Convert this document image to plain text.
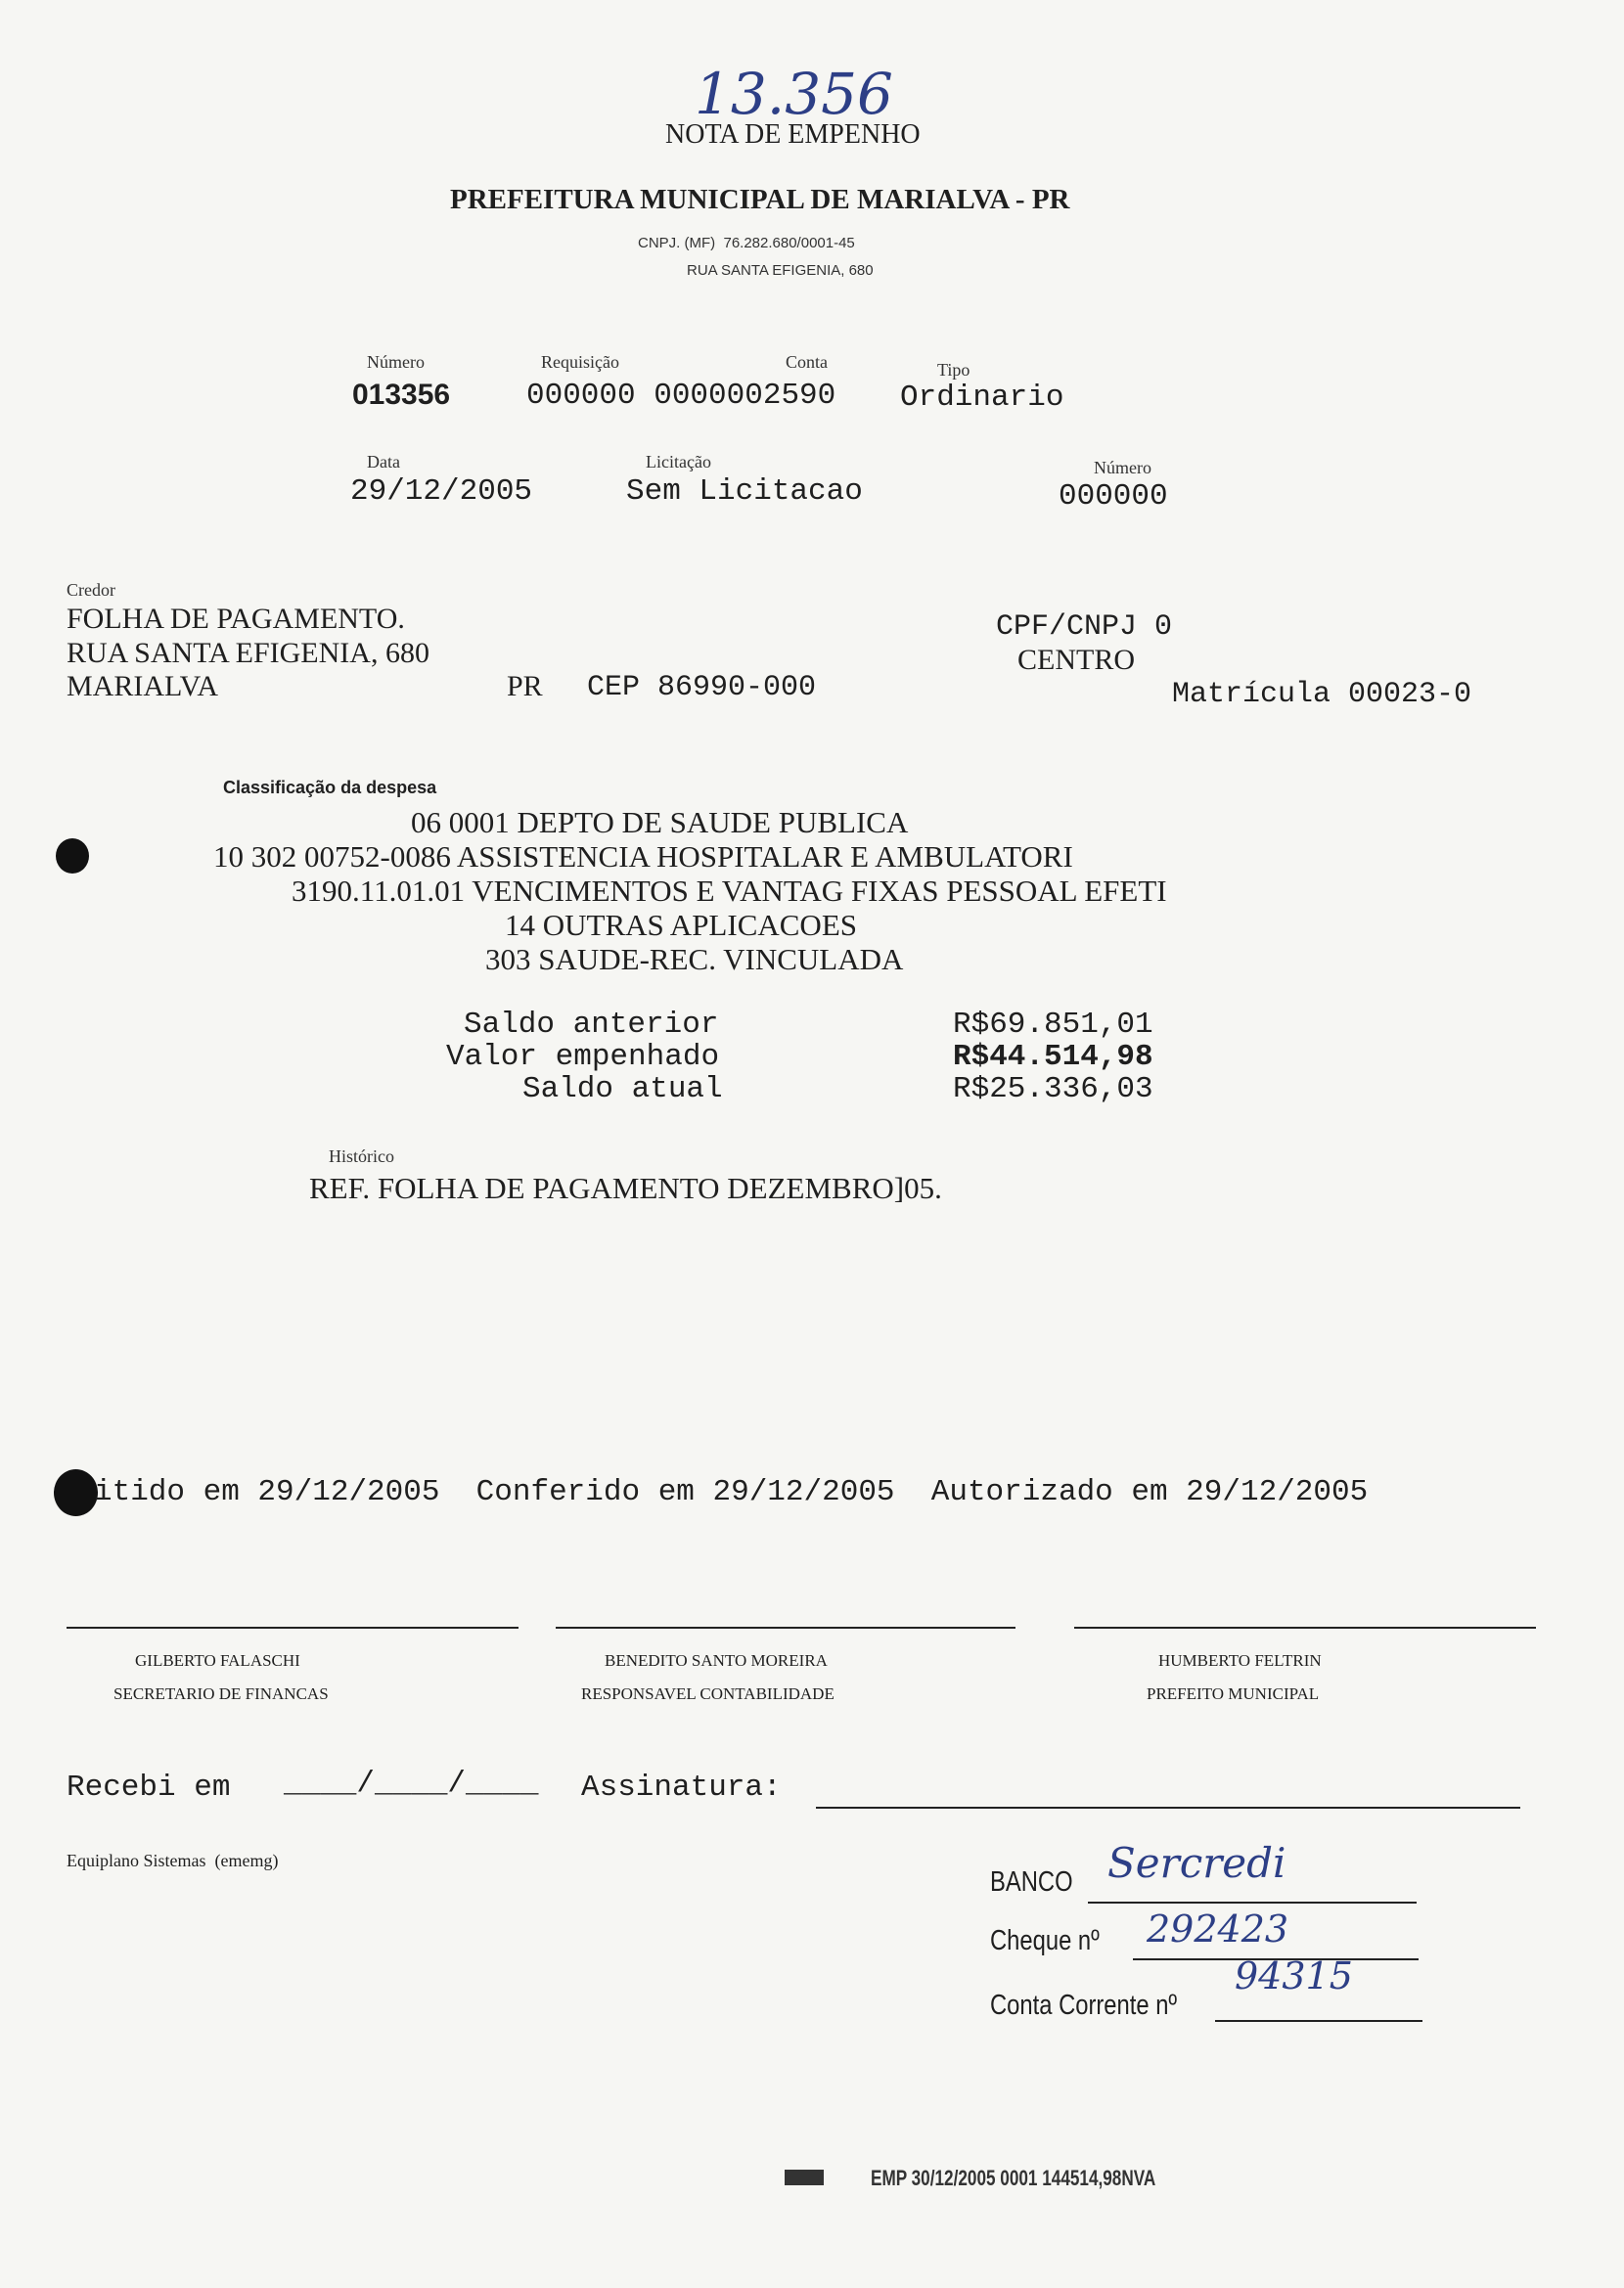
13.356
NOTA DE EMPENHO
PREFEITURA MUNICIPAL DE MARIALVA - PR
CNPJ. (MF)  76.282.680/0001-45
RUA SANTA EFIGENIA, 680
Número
013356
Requisição	Conta
000000 0000002590
Tipo
Ordinario
Data
29/12/2005
Licitação
Sem Licitacao
Número
000000
Credor
FOLHA DE PAGAMENTO.
RUA SANTA EFIGENIA, 680
MARIALVA	PR CEP 86990-000
CPF/CNPJ 0
CENTRO
Matrícula 00023-0
Classificação da despesa
06 0001 DEPTO DE SAUDE PUBLICA
10 302 00752-0086 ASSISTENCIA HOSPITALAR E AMBULATORI
3190.11.01.01 VENCIMENTOS E VANTAG FIXAS PESSOAL EFETI
14 OUTRAS APLICACOES
303 SAUDE-REC. VINCULADA
Saldo anterior	R$69.851,01
Valor empenhado	R$44.514,98
Saldo atual	R$25.336,03
Histórico
REF. FOLHA DE PAGAMENTO DEZEMBRO]05.
itido em 29/12/2005  Conferido em 29/12/2005  Autorizado em 29/12/2005
GILBERTO FALASCHI
SECRETARIO DE FINANCAS
BENEDITO SANTO MOREIRA
RESPONSAVEL CONTABILIDADE
HUMBERTO FELTRIN
PREFEITO MUNICIPAL
Recebi em ____/____/____ Assinatura:
Equiplano Sistemas  (ememg)
BANCO Sercredi
Cheque nº 292423
Conta Corrente nº
94315
EMP 30/12/2005 0001 144514,98NVA
